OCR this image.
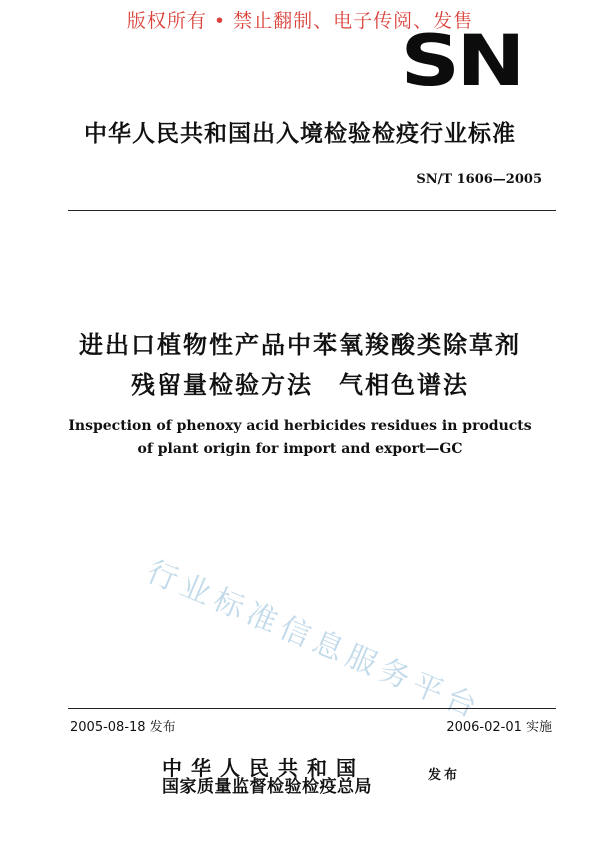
版权所有 • 禁止翻制、电子传阅、发售
SN
中华人民共和国出入境检验检疫行业标准
SN/T 1606—2005
进出口植物性产品中苯氧羧酸类除草剂
残留量检验方法　气相色谱法
Inspection of phenoxy acid herbicides residues in products
of plant origin for import and export—GC
行业标准信息服务平台
2005-08-18 发布	2006-02-01 实施
中华人民共和国
国家质量监督检验检疫总局
发布
